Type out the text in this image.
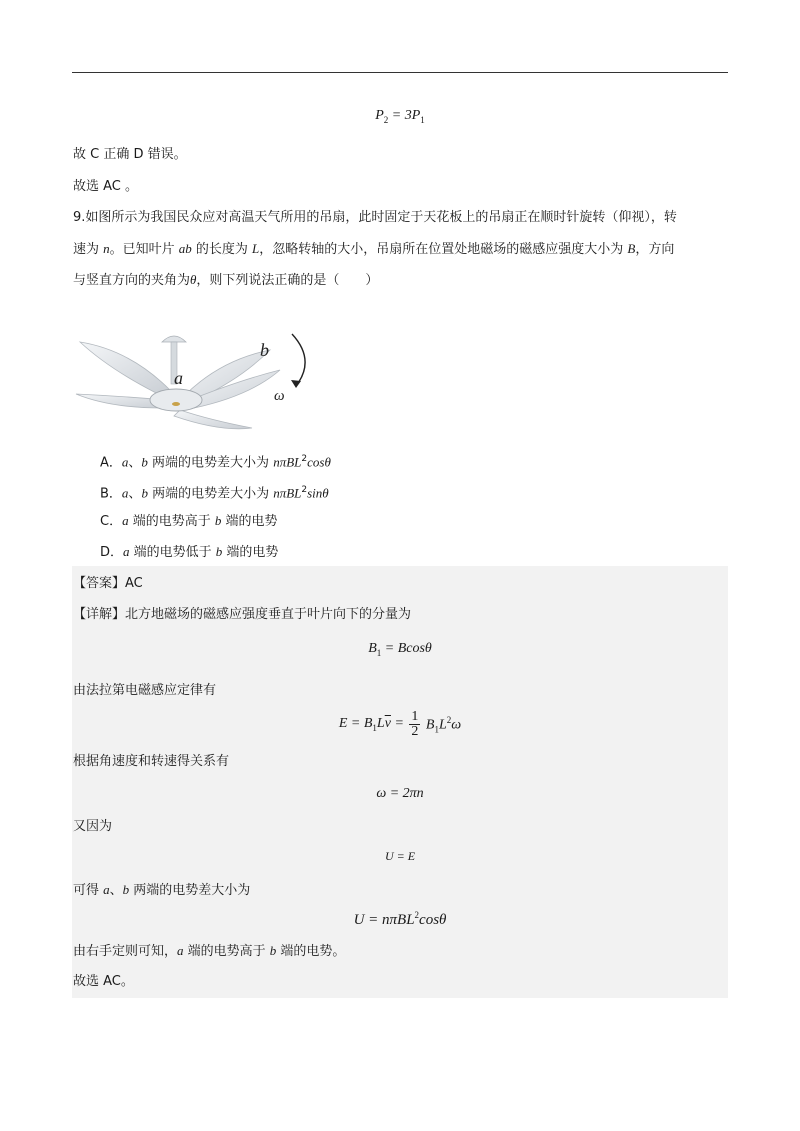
$P_2 = 3P_1$
故 C 正确 D 错误。
故选 AC 。
9.如图所示为我国民众应对高温天气所用的吊扇，此时固定于天花板上的吊扇正在顺时针旋转（仰视），转
速为 n。已知叶片 ab 的长度为 L，忽略转轴的大小，吊扇所在位置处地磁场的磁感应强度大小为 B，方向
与竖直方向的夹角为θ，则下列说法正确的是（　　）
b
a
ω
A．a、b 两端的电势差大小为 nπBL$^2$cosθ
B．a、b 两端的电势差大小为 nπBL$^2$sinθ
C．a 端的电势高于 b 端的电势
D．a 端的电势低于 b 端的电势
【答案】AC
【详解】北方地磁场的磁感应强度垂直于叶片向下的分量为
$B_1 = Bcos\theta$
由法拉第电磁感应定律有
$E = B_1L\overline{v} = \frac{1}{2} B_1L^2\omega$
根据角速度和转速得关系有
ω = 2πn
又因为
U = E
可得 a、b 两端的电势差大小为
U = nπBL$^2$cosθ
由右手定则可知，a 端的电势高于 b 端的电势。
故选 AC。
